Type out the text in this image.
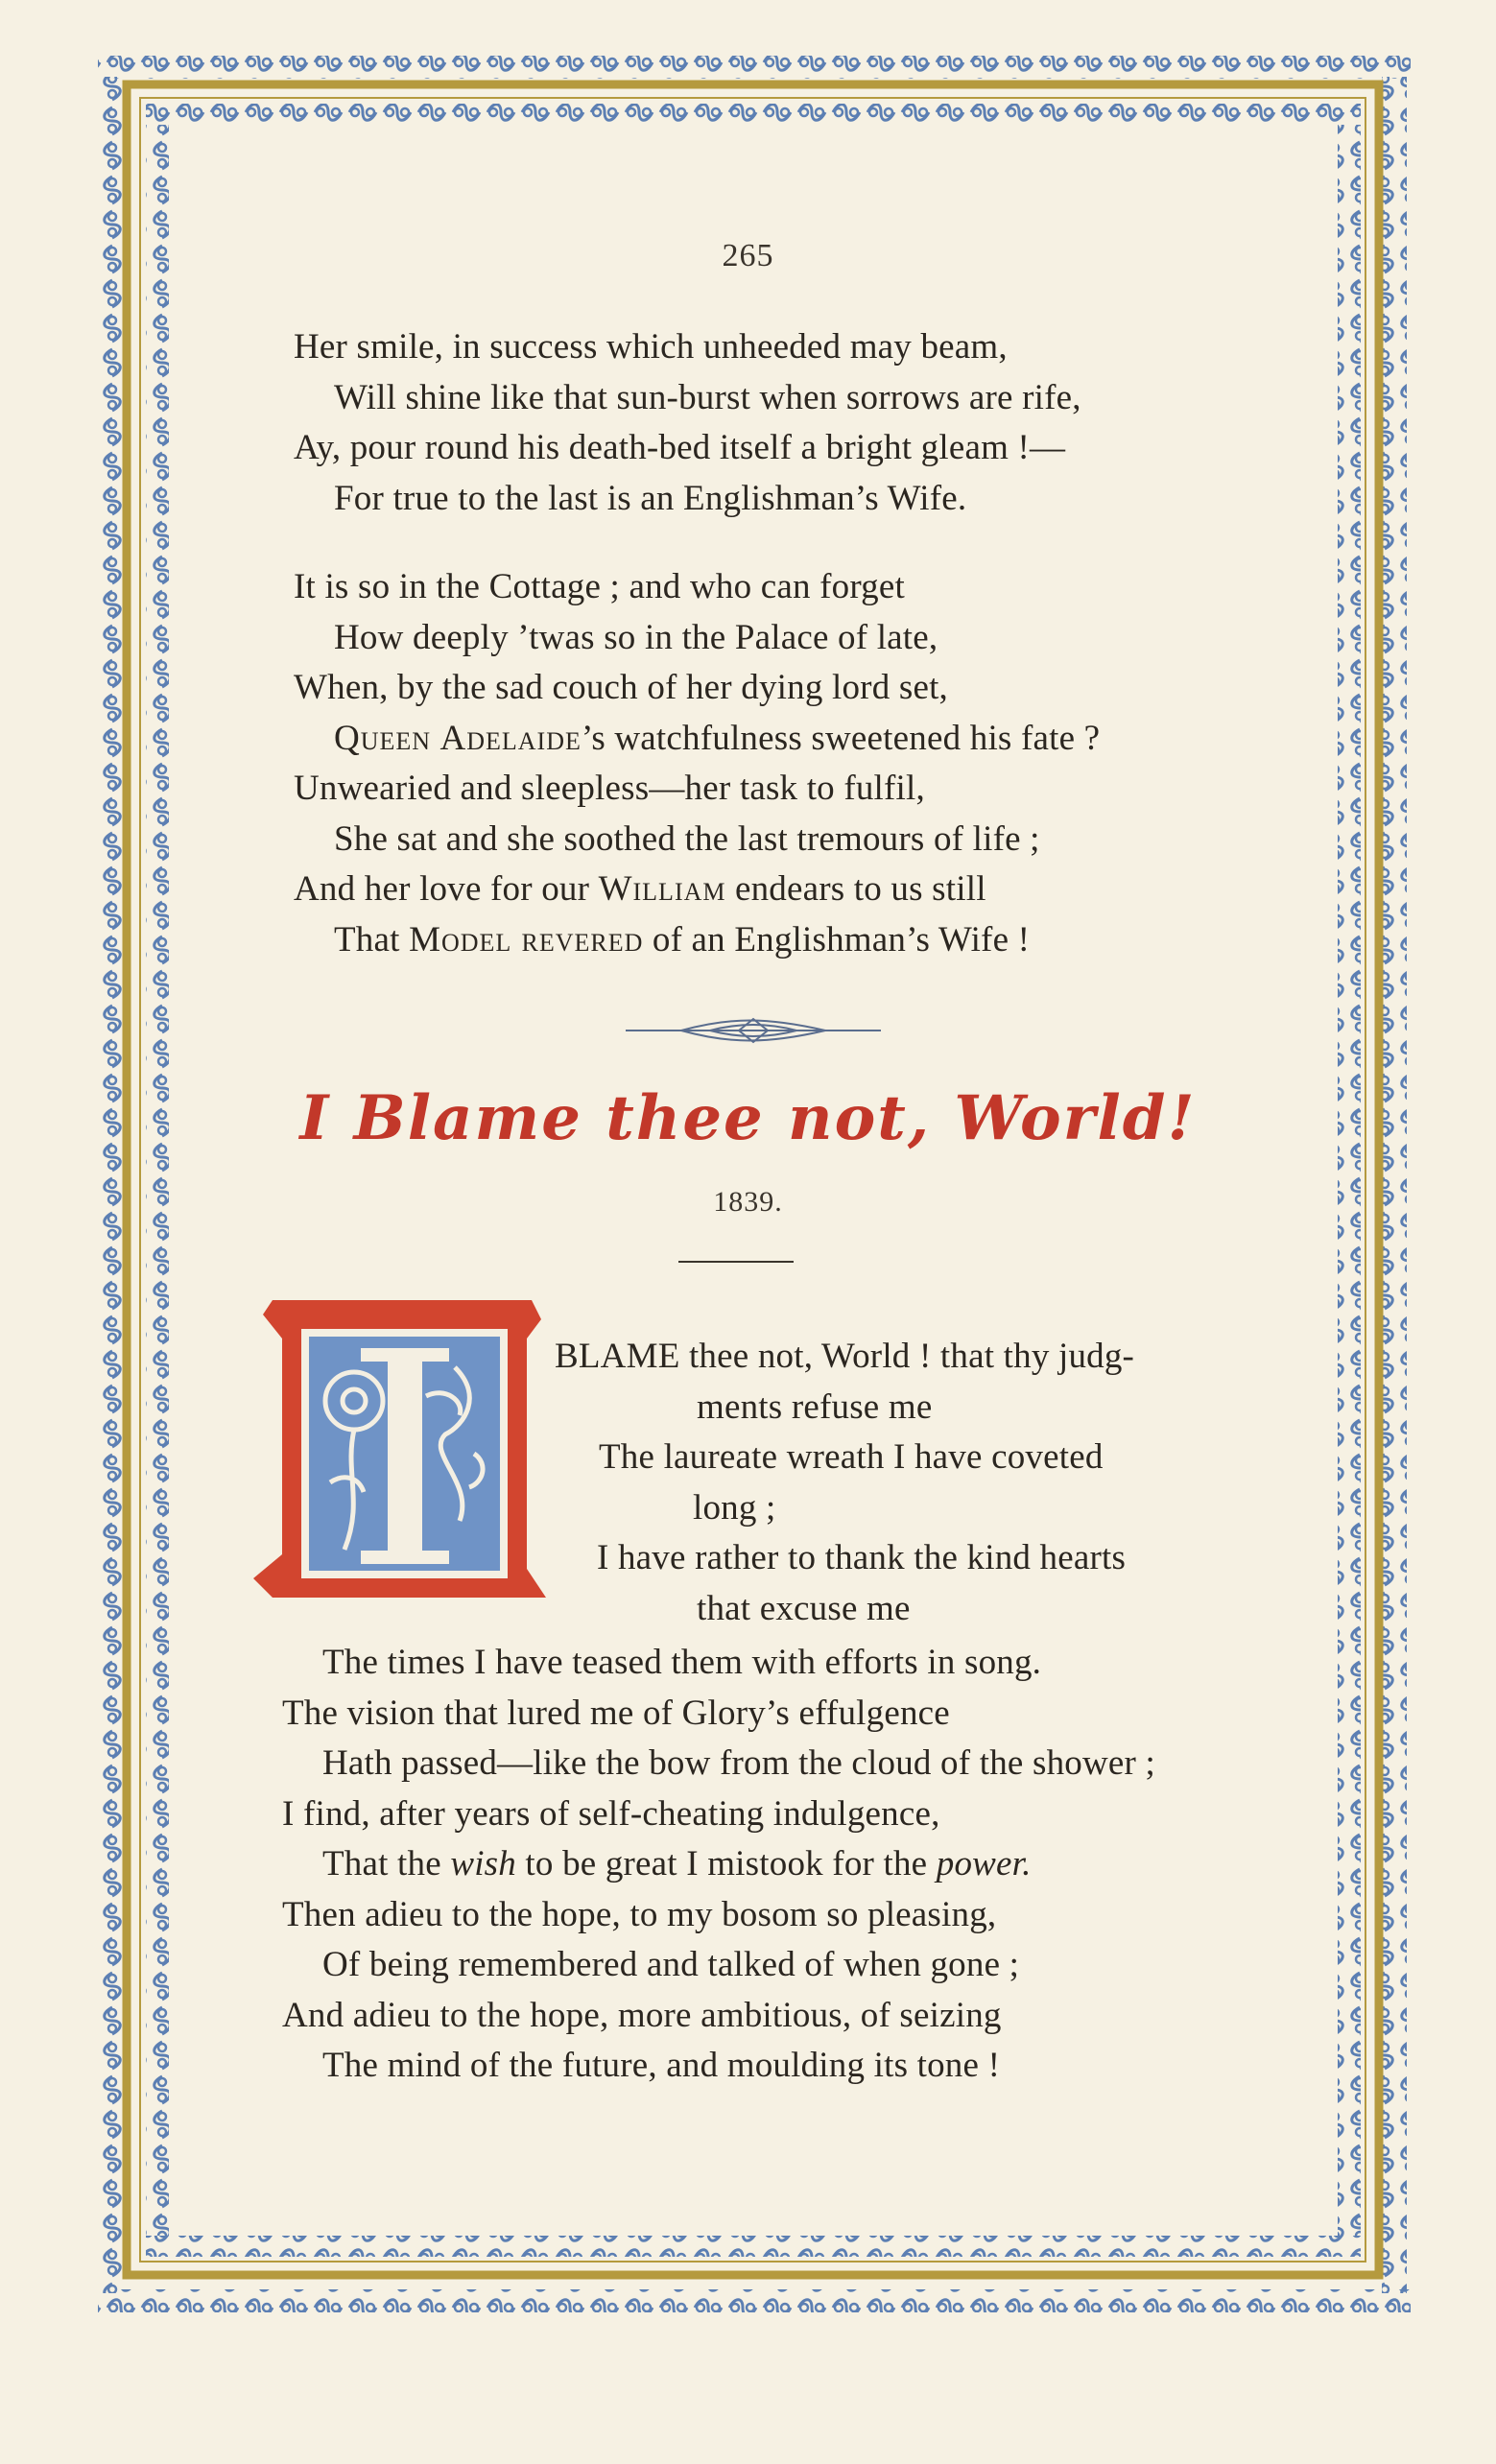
265
Her smile, in success which unheeded may beam,
Will shine like that sun-burst when sorrows are rife,
Ay, pour round his death-bed itself a bright gleam !—
For true to the last is an Englishman’s Wife.
It is so in the Cottage ; and who can forget
How deeply ’twas so in the Palace of late,
When, by the sad couch of her dying lord set,
Queen Adelaide’s watchfulness sweetened his fate ?
Unwearied and sleepless—her task to fulfil,
She sat and she soothed the last tremours of life ;
And her love for our William endears to us still
That Model revered of an Englishman’s Wife !
I Blame thee not, World!
1839.
BLAME thee not, World ! that thy judg-
ments refuse me
The laureate wreath I have coveted
long ;
I have rather to thank the kind hearts
that excuse me
The times I have teased them with efforts in song.
The vision that lured me of Glory’s effulgence
Hath passed—like the bow from the cloud of the shower ;
I find, after years of self-cheating indulgence,
That the wish to be great I mistook for the power.
Then adieu to the hope, to my bosom so pleasing,
Of being remembered and talked of when gone ;
And adieu to the hope, more ambitious, of seizing
The mind of the future, and moulding its tone !
